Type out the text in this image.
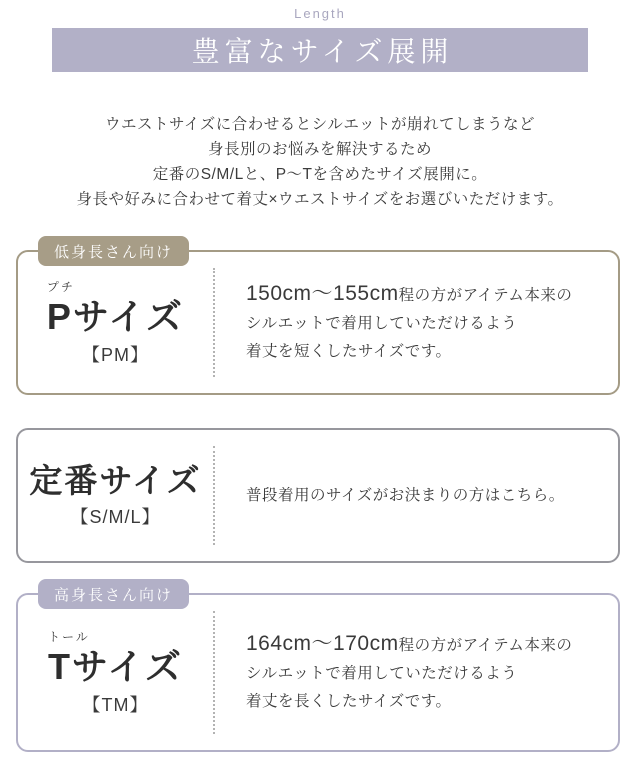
Length
豊富なサイズ展開
ウエストサイズに合わせるとシルエットが崩れてしまうなど
身長別のお悩みを解決するため
定番のS/M/Lと、P〜Tを含めたサイズ展開に。
身長や好みに合わせて着丈×ウエストサイズをお選びいただけます。
低身長さん向け
プチ
Pサイズ
【PM】
150cm〜155cm程の方がアイテム本来の
シルエットで着用していただけるよう
着丈を短くしたサイズです。
定番サイズ
【S/M/L】
普段着用のサイズがお決まりの方はこちら。
高身長さん向け
トール
Tサイズ
【TM】
164cm〜170cm程の方がアイテム本来の
シルエットで着用していただけるよう
着丈を長くしたサイズです。
